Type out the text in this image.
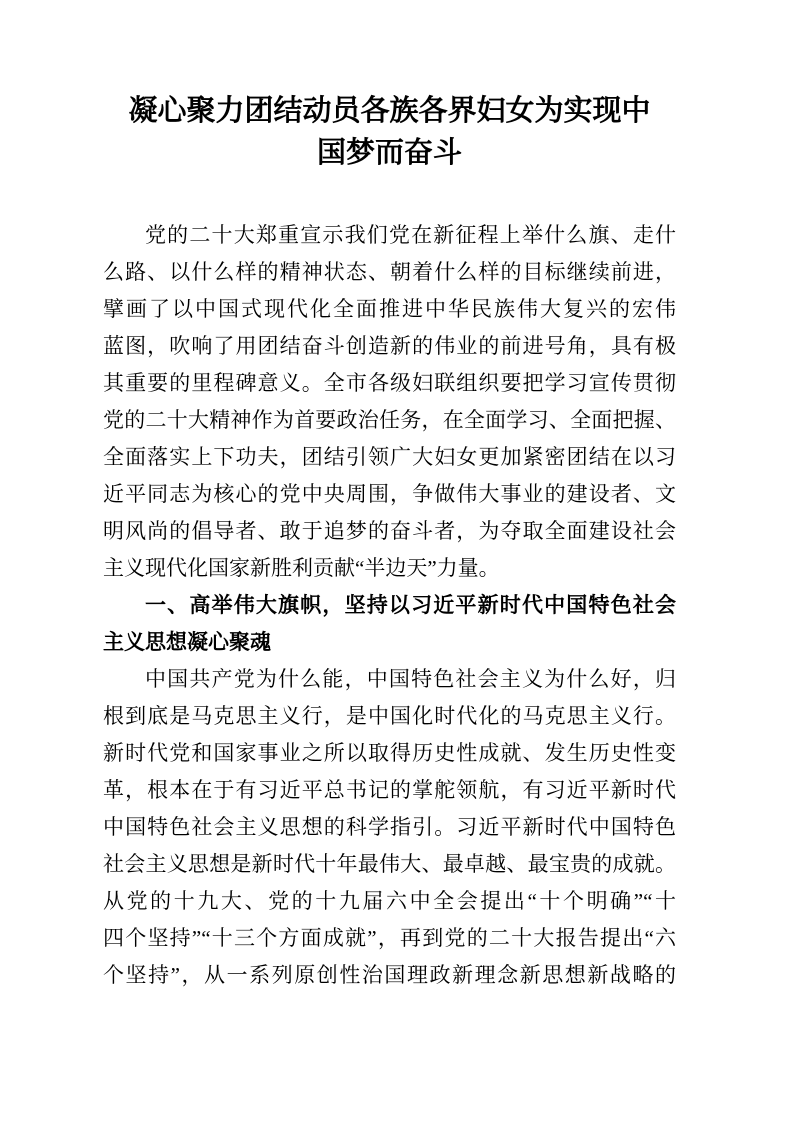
凝心聚力团结动员各族各界妇女为实现中
国梦而奋斗
党的二十大郑重宣示我们党在新征程上举什么旗、走什
么路、以什么样的精神状态、朝着什么样的目标继续前进，
擘画了以中国式现代化全面推进中华民族伟大复兴的宏伟
蓝图，吹响了用团结奋斗创造新的伟业的前进号角，具有极
其重要的里程碑意义。全市各级妇联组织要把学习宣传贯彻
党的二十大精神作为首要政治任务，在全面学习、全面把握、
全面落实上下功夫，团结引领广大妇女更加紧密团结在以习
近平同志为核心的党中央周围，争做伟大事业的建设者、文
明风尚的倡导者、敢于追梦的奋斗者，为夺取全面建设社会
主义现代化国家新胜利贡献“半边天”力量。
一、高举伟大旗帜，坚持以习近平新时代中国特色社会
主义思想凝心聚魂
中国共产党为什么能，中国特色社会主义为什么好，归
根到底是马克思主义行，是中国化时代化的马克思主义行。
新时代党和国家事业之所以取得历史性成就、发生历史性变
革，根本在于有习近平总书记的掌舵领航，有习近平新时代
中国特色社会主义思想的科学指引。习近平新时代中国特色
社会主义思想是新时代十年最伟大、最卓越、最宝贵的成就。
从党的十九大、党的十九届六中全会提出“十个明确”“十
四个坚持”“十三个方面成就”，再到党的二十大报告提出“六
个坚持”，从一系列原创性治国理政新理念新思想新战略的
